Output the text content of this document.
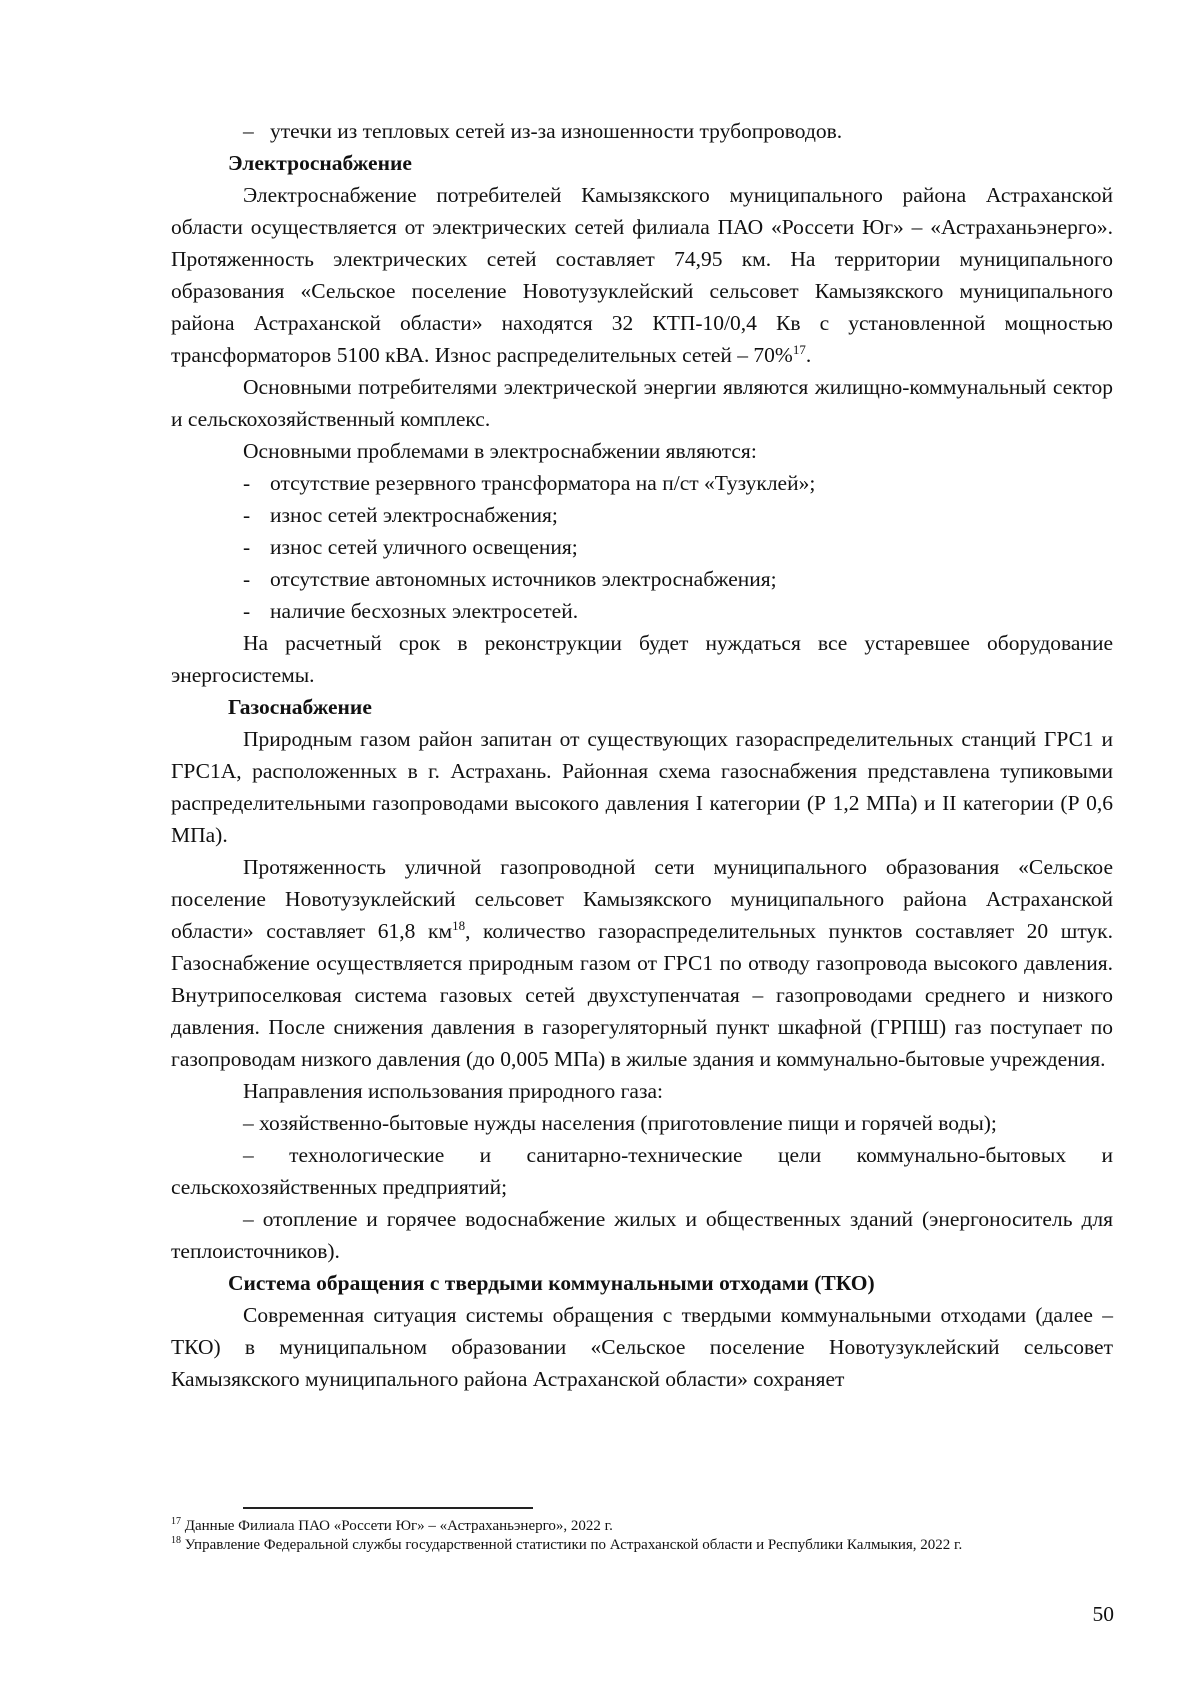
– утечки из тепловых сетей из-за изношенности трубопроводов.

Электроснабжение

Электроснабжение потребителей Камызякского муниципального района Астраханской области осуществляется от электрических сетей филиала ПАО «Россети Юг» – «Астраханьэнерго». Протяженность электрических сетей составляет 74,95 км. На территории муниципального образования «Сельское поселение Новотузуклейский сельсовет Камызякского муниципального района Астраханской области» находятся 32 КТП-10/0,4 Кв с установленной мощностью трансформаторов 5100 кВА. Износ распределительных сетей – 70%$^{17}$.

Основными потребителями электрической энергии являются жилищно-коммунальный сектор и сельскохозяйственный комплекс.

Основными проблемами в электроснабжении являются:

- отсутствие резервного трансформатора на п/ст «Тузуклей»;

- износ сетей электроснабжения;

- износ сетей уличного освещения;

- отсутствие автономных источников электроснабжения;

- наличие бесхозных электросетей.

На расчетный срок в реконструкции будет нуждаться все устаревшее оборудование энергосистемы.

Газоснабжение

Природным газом район запитан от существующих газораспределительных станций ГРС1 и ГРС1А, расположенных в г. Астрахань. Районная схема газоснабжения представлена тупиковыми распределительными газопроводами высокого давления I категории (Р 1,2 МПа) и II категории (Р 0,6 МПа).

Протяженность уличной газопроводной сети муниципального образования «Сельское поселение Новотузуклейский сельсовет Камызякского муниципального района Астраханской области» составляет 61,8 $км^{18}$, количество газораспределительных пунктов составляет 20 штук. Газоснабжение осуществляется природным газом от ГРС1 по отводу газопровода высокого давления. Внутрипоселковая система газовых сетей двухступенчатая – газопроводами среднего и низкого давления. После снижения давления в газорегуляторный пункт шкафной (ГРПШ) газ поступает по газопроводам низкого давления (до 0,005 МПа) в жилые здания и коммунально-бытовые учреждения.

Направления использования природного газа:

– хозяйственно-бытовые нужды населения (приготовление пищи и горячей воды);

– технологические и санитарно-технические цели коммунально-бытовых и сельскохозяйственных предприятий;

– отопление и горячее водоснабжение жилых и общественных зданий (энергоноситель для теплоисточников).

Система обращения с твердыми коммунальными отходами (ТКО)

Современная ситуация системы обращения с твердыми коммунальными отходами (далее – ТКО) в муниципальном образовании «Сельское поселение Новотузуклейский сельсовет Камызякского муниципального района Астраханской области» сохраняет

$^{17}$ Данные Филиала ПАО «Россети Юг» – «Астраханьэнерго», 2022 г.

$^{18}$ Управление Федеральной службы государственной статистики по Астраханской области и Республики Калмыкия, 2022 г.

50
